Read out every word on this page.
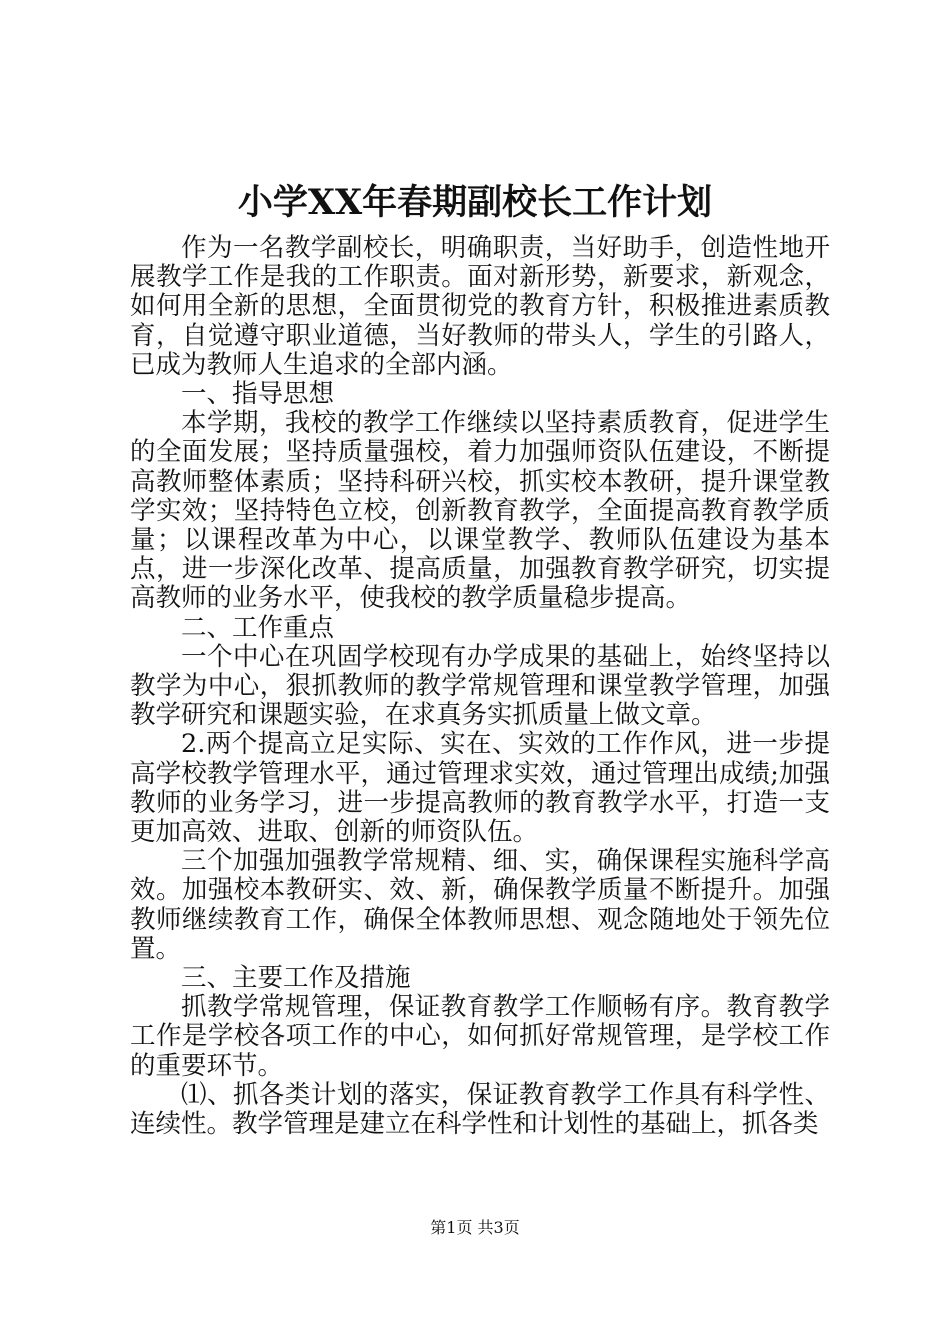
小学XX年春期副校长工作计划

作为一名教学副校长，明确职责，当好助手，创造性地开展教学工作是我的工作职责。面对新形势，新要求，新观念，如何用全新的思想，全面贯彻党的教育方针，积极推进素质教育，自觉遵守职业道德，当好教师的带头人，学生的引路人，已成为教师人生追求的全部内涵。

一、指导思想

本学期，我校的教学工作继续以坚持素质教育，促进学生的全面发展；坚持质量强校，着力加强师资队伍建设，不断提高教师整体素质；坚持科研兴校，抓实校本教研，提升课堂教学实效；坚持特色立校，创新教育教学，全面提高教育教学质量；以课程改革为中心，以课堂教学、教师队伍建设为基本点，进一步深化改革、提高质量，加强教育教学研究，切实提高教师的业务水平，使我校的教学质量稳步提高。

二、工作重点

一个中心在巩固学校现有办学成果的基础上，始终坚持以教学为中心，狠抓教师的教学常规管理和课堂教学管理，加强教学研究和课题实验，在求真务实抓质量上做文章。

2.两个提高立足实际、实在、实效的工作作风，进一步提高学校教学管理水平，通过管理求实效，通过管理出成绩;加强教师的业务学习，进一步提高教师的教育教学水平，打造一支更加高效、进取、创新的师资队伍。

三个加强加强教学常规精、细、实，确保课程实施科学高效。加强校本教研实、效、新，确保教学质量不断提升。加强教师继续教育工作，确保全体教师思想、观念随地处于领先位置。

三、主要工作及措施

抓教学常规管理，保证教育教学工作顺畅有序。教育教学工作是学校各项工作的中心，如何抓好常规管理，是学校工作的重要环节。

⑴、抓各类计划的落实，保证教育教学工作具有科学性、连续性。教学管理是建立在科学性和计划性的基础上，抓各类

第1页 共3页
